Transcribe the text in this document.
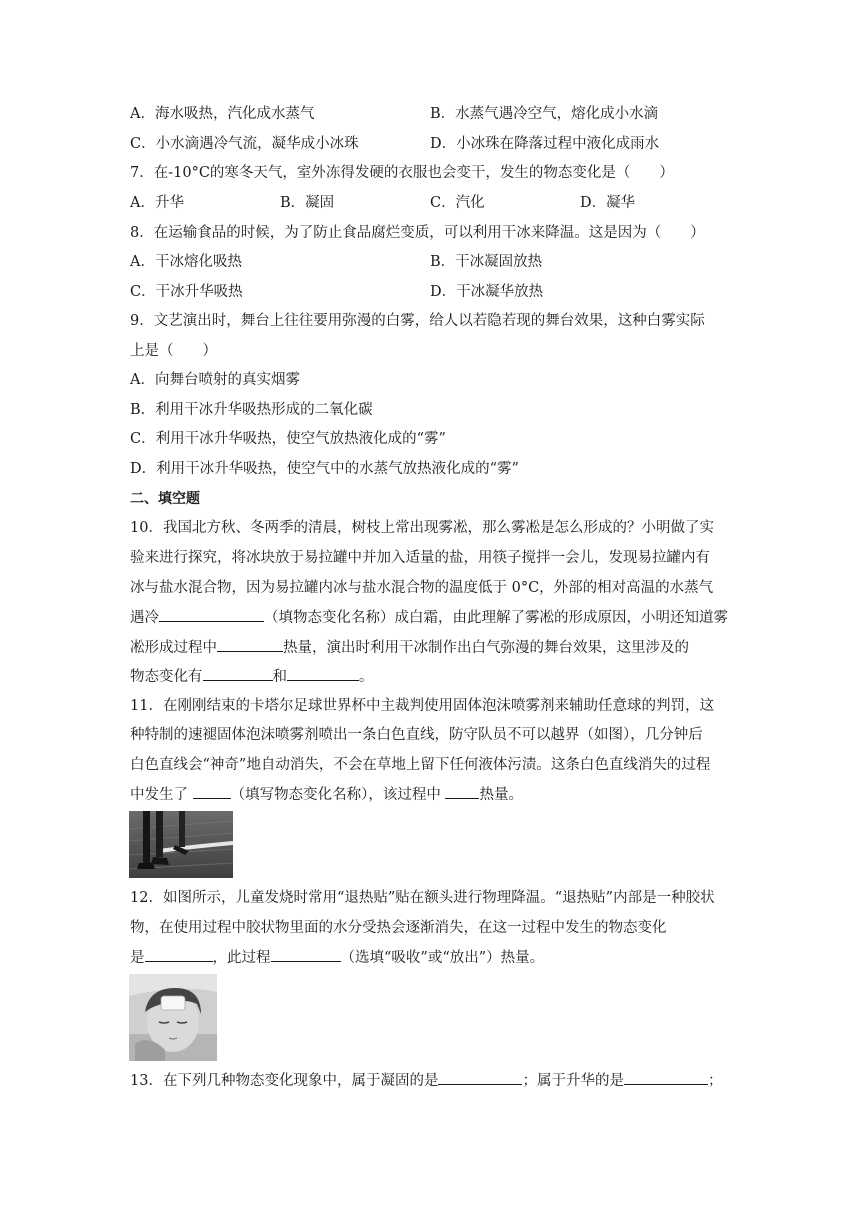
A．海水吸热，汽化成水蒸气	B．水蒸气遇冷空气，熔化成小水滴
C．小水滴遇冷气流，凝华成小冰珠	D．小冰珠在降落过程中液化成雨水
7．在-10°C的寒冬天气，室外冻得发硬的衣服也会变干，发生的物态变化是（　　）
A．升华	B．凝固	C．汽化	D．凝华
8．在运输食品的时候，为了防止食品腐烂变质，可以利用干冰来降温。这是因为（　　）
A．干冰熔化吸热	B．干冰凝固放热
C．干冰升华吸热	D．干冰凝华放热
9．文艺演出时，舞台上往往要用弥漫的白雾，给人以若隐若现的舞台效果，这种白雾实际
上是（　　）
A．向舞台喷射的真实烟雾
B．利用干冰升华吸热形成的二氧化碳
C．利用干冰升华吸热，使空气放热液化成的“雾”
D．利用干冰升华吸热，使空气中的水蒸气放热液化成的“雾”
二、填空题
10．我国北方秋、冬两季的清晨，树枝上常出现雾凇，那么雾凇是怎么形成的？小明做了实
验来进行探究，将冰块放于易拉罐中并加入适量的盐，用筷子搅拌一会儿，发现易拉罐内有
冰与盐水混合物，因为易拉罐内冰与盐水混合物的温度低于 0°C，外部的相对高温的水蒸气
遇冷	（填物态变化名称）成白霜，由此理解了雾凇的形成原因，小明还知道雾
凇形成过程中	热量，演出时利用干冰制作出白气弥漫的舞台效果，这里涉及的
物态变化有	和	。
11．在刚刚结束的卡塔尔足球世界杯中主裁判使用固体泡沫喷雾剂来辅助任意球的判罚，这
种特制的速褪固体泡沫喷雾剂喷出一条白色直线，防守队员不可以越界（如图），几分钟后
白色直线会“神奇”地自动消失，不会在草地上留下任何液体污渍。这条白色直线消失的过程
中发生了	（填写物态变化名称），该过程中	热量。
12．如图所示，儿童发烧时常用“退热贴”贴在额头进行物理降温。“退热贴”内部是一种胶状
物，在使用过程中胶状物里面的水分受热会逐渐消失，在这一过程中发生的物态变化
是	，此过程	（选填“吸收”或“放出”）热量。
13．在下列几种物态变化现象中，属于凝固的是	；属于升华的是	；
